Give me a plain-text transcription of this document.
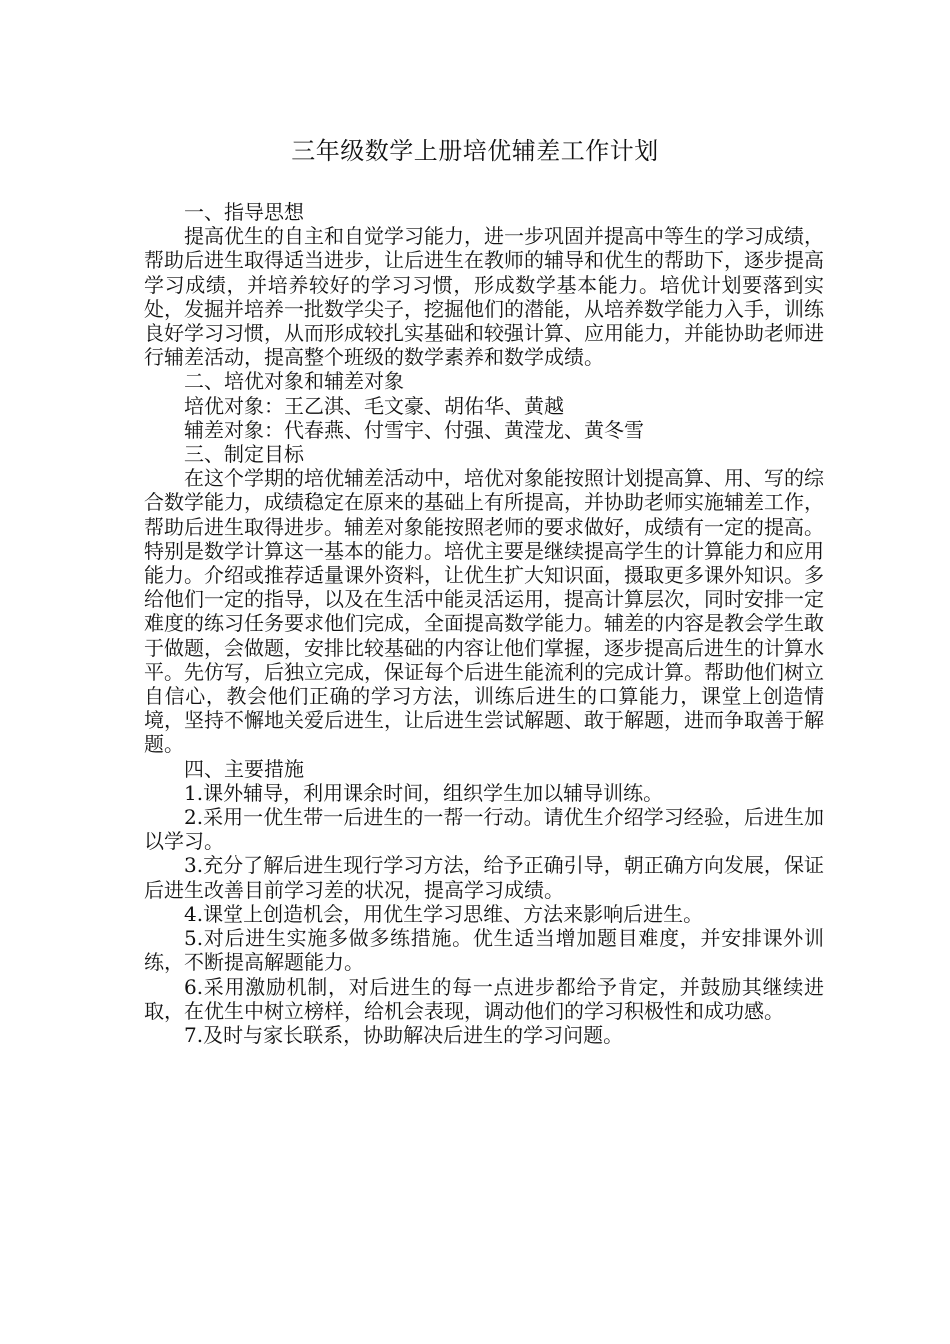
三年级数学上册培优辅差工作计划

一、指导思想

提高优生的自主和自觉学习能力，进一步巩固并提高中等生的学习成绩，帮助后进生取得适当进步，让后进生在教师的辅导和优生的帮助下，逐步提高学习成绩，并培养较好的学习习惯，形成数学基本能力。培优计划要落到实处，发掘并培养一批数学尖子，挖掘他们的潜能，从培养数学能力入手，训练良好学习习惯，从而形成较扎实基础和较强计算、应用能力，并能协助老师进行辅差活动，提高整个班级的数学素养和数学成绩。

二、培优对象和辅差对象

培优对象：王乙淇、毛文豪、胡佑华、黄越

辅差对象：代春燕、付雪宇、付强、黄滢龙、黄冬雪

三、制定目标

在这个学期的培优辅差活动中，培优对象能按照计划提高算、用、写的综合数学能力，成绩稳定在原来的基础上有所提高，并协助老师实施辅差工作，帮助后进生取得进步。辅差对象能按照老师的要求做好，成绩有一定的提高。特别是数学计算这一基本的能力。培优主要是继续提高学生的计算能力和应用能力。介绍或推荐适量课外资料，让优生扩大知识面，摄取更多课外知识。多给他们一定的指导，以及在生活中能灵活运用，提高计算层次，同时安排一定难度的练习任务要求他们完成，全面提高数学能力。辅差的内容是教会学生敢于做题，会做题，安排比较基础的内容让他们掌握，逐步提高后进生的计算水平。先仿写，后独立完成，保证每个后进生能流利的完成计算。帮助他们树立自信心，教会他们正确的学习方法，训练后进生的口算能力，课堂上创造情境，坚持不懈地关爱后进生，让后进生尝试解题、敢于解题，进而争取善于解题。

四、主要措施

1.课外辅导，利用课余时间，组织学生加以辅导训练。

2.采用一优生带一后进生的一帮一行动。请优生介绍学习经验，后进生加以学习。

3.充分了解后进生现行学习方法，给予正确引导，朝正确方向发展，保证后进生改善目前学习差的状况，提高学习成绩。

4.课堂上创造机会，用优生学习思维、方法来影响后进生。

5.对后进生实施多做多练措施。优生适当增加题目难度，并安排课外训练，不断提高解题能力。

6.采用激励机制，对后进生的每一点进步都给予肯定，并鼓励其继续进取，在优生中树立榜样，给机会表现，调动他们的学习积极性和成功感。

7.及时与家长联系，协助解决后进生的学习问题。
